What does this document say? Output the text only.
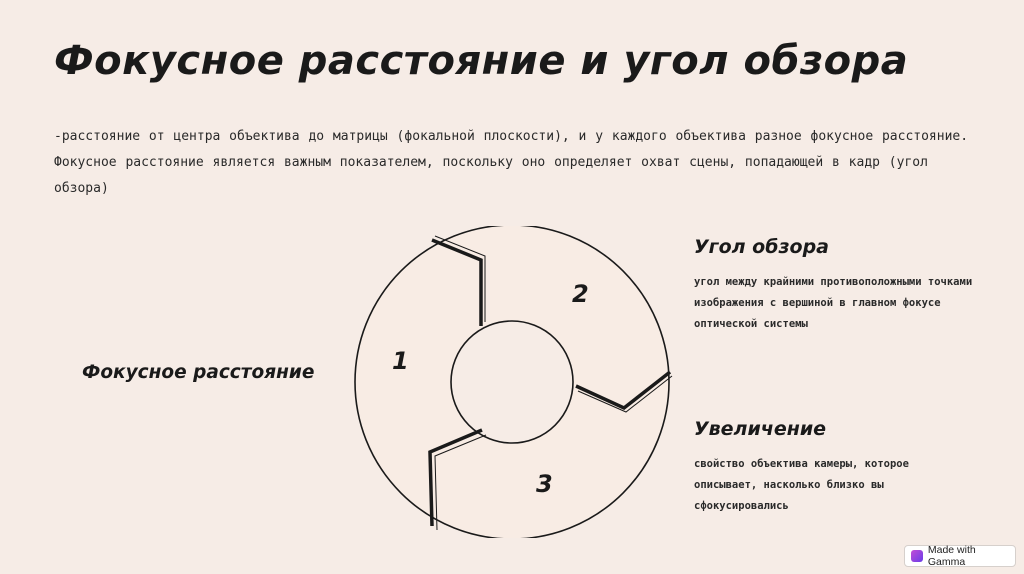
Фокусное расстояние и угол обзора
-расстояние от центра объектива до матрицы (фокальной плоскости), и у каждого объектива разное фокусное расстояние. Фокусное расстояние является важным показателем, поскольку оно определяет охват сцены, попадающей в кадр (угол обзора)
1
2
3
Фокусное расстояние
Угол обзора
угол между крайними противоположными точками изображения с вершиной в главном фокусе оптической системы
Увеличение
свойство объектива камеры, которое описывает, насколько близко вы сфокусировались
Made with Gamma
